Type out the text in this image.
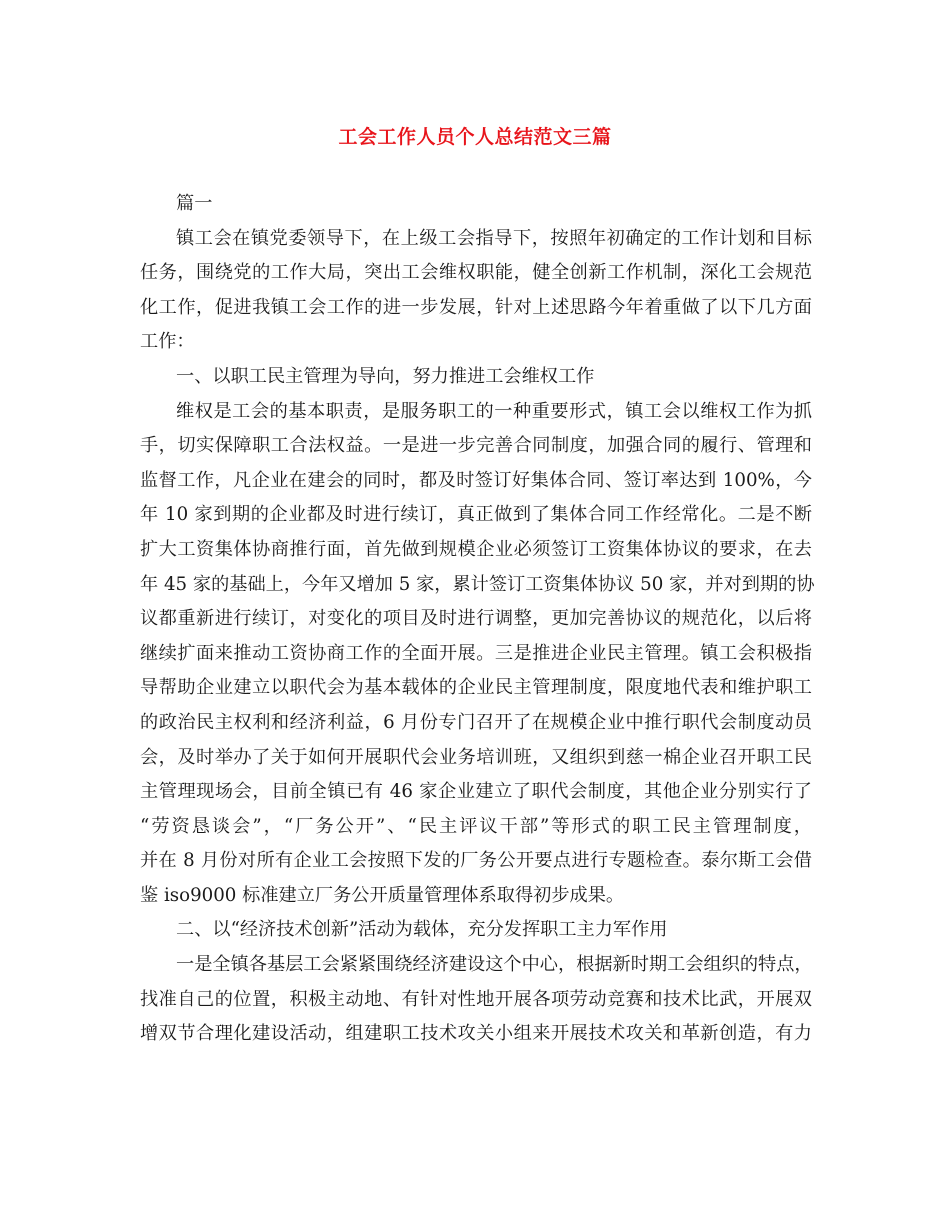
工会工作人员个人总结范文三篇
篇一
镇工会在镇党委领导下，在上级工会指导下，按照年初确定的工作计划和目标
任务，围绕党的工作大局，突出工会维权职能，健全创新工作机制，深化工会规范
化工作，促进我镇工会工作的进一步发展，针对上述思路今年着重做了以下几方面
工作：
一、以职工民主管理为导向，努力推进工会维权工作
维权是工会的基本职责，是服务职工的一种重要形式，镇工会以维权工作为抓
手，切实保障职工合法权益。一是进一步完善合同制度，加强合同的履行、管理和
监督工作，凡企业在建会的同时，都及时签订好集体合同、签订率达到 100%，今
年 10 家到期的企业都及时进行续订，真正做到了集体合同工作经常化。二是不断
扩大工资集体协商推行面，首先做到规模企业必须签订工资集体协议的要求，在去
年 45 家的基础上，今年又增加 5 家，累计签订工资集体协议 50 家，并对到期的协
议都重新进行续订，对变化的项目及时进行调整，更加完善协议的规范化，以后将
继续扩面来推动工资协商工作的全面开展。三是推进企业民主管理。镇工会积极指
导帮助企业建立以职代会为基本载体的企业民主管理制度，限度地代表和维护职工
的政治民主权利和经济利益，6 月份专门召开了在规模企业中推行职代会制度动员
会，及时举办了关于如何开展职代会业务培训班，又组织到慈一棉企业召开职工民
主管理现场会，目前全镇已有 46 家企业建立了职代会制度，其他企业分别实行了
“劳资恳谈会”，“厂务公开”、“民主评议干部”等形式的职工民主管理制度，
并在 8 月份对所有企业工会按照下发的厂务公开要点进行专题检查。泰尔斯工会借
鉴 iso9000 标准建立厂务公开质量管理体系取得初步成果。
二、以“经济技术创新”活动为载体，充分发挥职工主力军作用
一是全镇各基层工会紧紧围绕经济建设这个中心，根据新时期工会组织的特点，
找准自己的位置，积极主动地、有针对性地开展各项劳动竞赛和技术比武，开展双
增双节合理化建设活动，组建职工技术攻关小组来开展技术攻关和革新创造，有力
